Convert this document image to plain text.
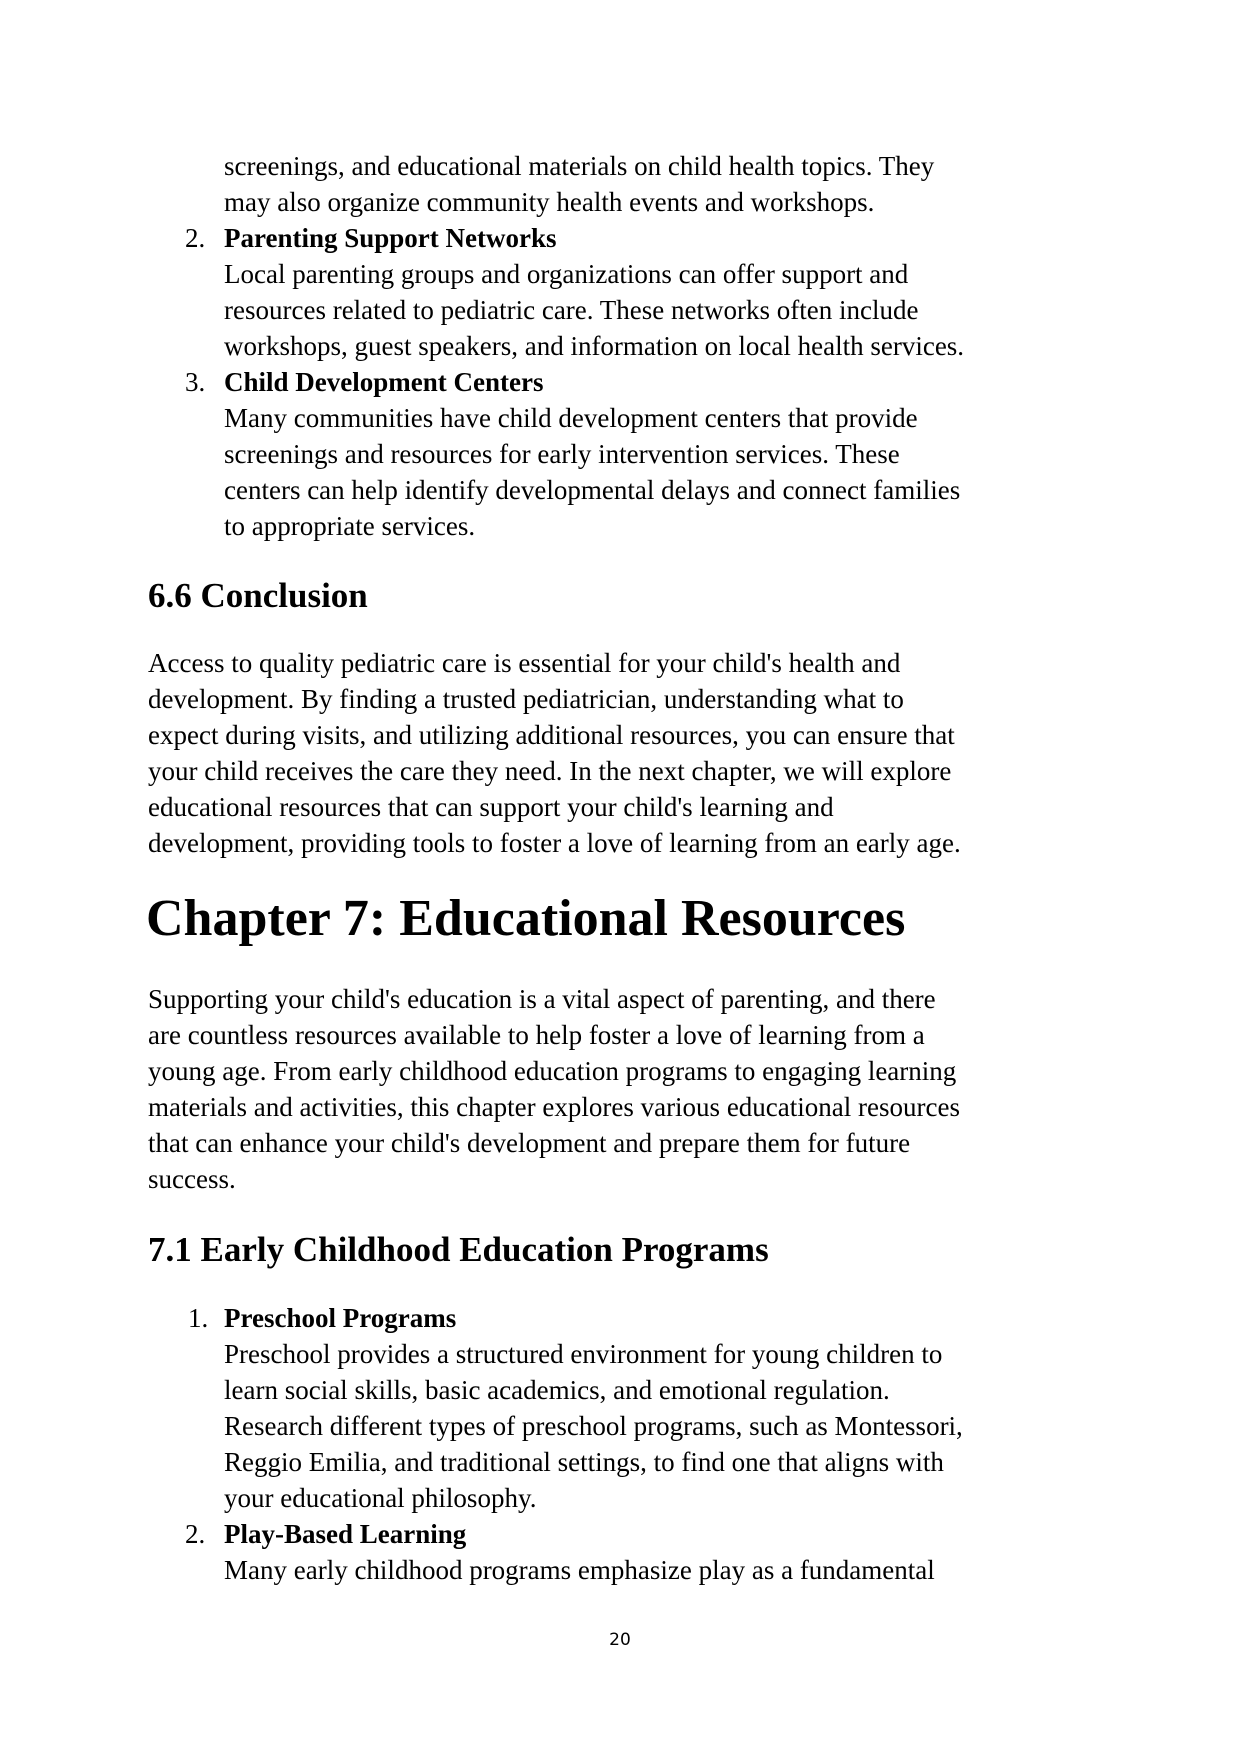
screenings, and educational materials on child health topics. They
may also organize community health events and workshops.
2. Parenting Support Networks
Local parenting groups and organizations can offer support and
resources related to pediatric care. These networks often include
workshops, guest speakers, and information on local health services.
3. Child Development Centers
Many communities have child development centers that provide
screenings and resources for early intervention services. These
centers can help identify developmental delays and connect families
to appropriate services.
6.6 Conclusion
Access to quality pediatric care is essential for your child's health and
development. By finding a trusted pediatrician, understanding what to
expect during visits, and utilizing additional resources, you can ensure that
your child receives the care they need. In the next chapter, we will explore
educational resources that can support your child's learning and
development, providing tools to foster a love of learning from an early age.
Chapter 7: Educational Resources
Supporting your child's education is a vital aspect of parenting, and there
are countless resources available to help foster a love of learning from a
young age. From early childhood education programs to engaging learning
materials and activities, this chapter explores various educational resources
that can enhance your child's development and prepare them for future
success.
7.1 Early Childhood Education Programs
1. Preschool Programs
Preschool provides a structured environment for young children to
learn social skills, basic academics, and emotional regulation.
Research different types of preschool programs, such as Montessori,
Reggio Emilia, and traditional settings, to find one that aligns with
your educational philosophy.
2. Play-Based Learning
Many early childhood programs emphasize play as a fundamental
20
